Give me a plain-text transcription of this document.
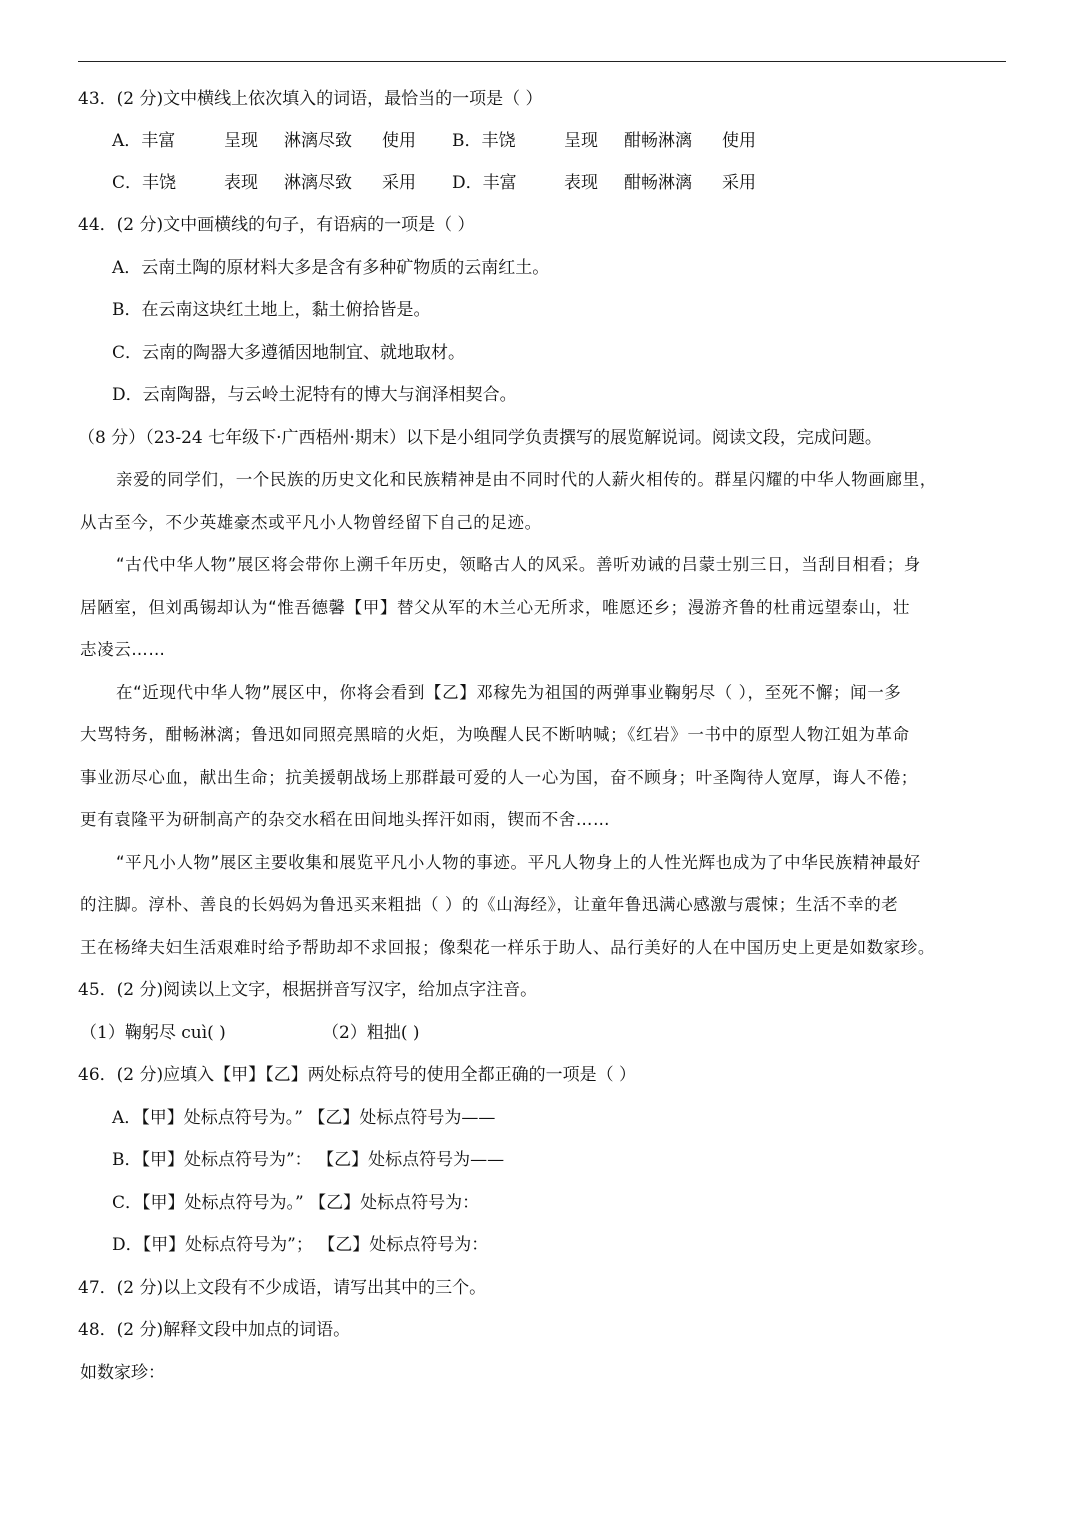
43．(2 分)文中横线上依次填入的词语，最恰当的一项是（ ）
A．丰富	呈现 淋漓尽致 使用 B．丰饶	呈现 酣畅淋漓 使用
C．丰饶	表现 淋漓尽致 采用 D．丰富	表现 酣畅淋漓 采用
44．(2 分)文中画横线的句子，有语病的一项是（ ）
A．云南土陶的原材料大多是含有多种矿物质的云南红土。
B．在云南这块红土地上，黏土俯拾皆是。
C．云南的陶器大多遵循因地制宜、就地取材。
D．云南陶器，与云岭土泥特有的博大与润泽相契合。
（8 分）（23-24 七年级下·广西梧州·期末）以下是小组同学负责撰写的展览解说词。阅读文段，完成问题。
亲爱的同学们，一个民族的历史文化和民族精神是由不同时代的人薪火相传的。群星闪耀的中华人物画廊里，
从古至今，不少英雄豪杰或平凡小人物曾经留下自己的足迹。
“古代中华人物”展区将会带你上溯千年历史，领略古人的风采。善听劝诫的吕蒙士别三日，当刮目相看；身
居陋室，但刘禹锡却认为“惟吾德馨【甲】替父从军的木兰心无所求，唯愿还乡；漫游齐鲁的杜甫远望泰山，壮
志凌云……
在“近现代中华人物”展区中，你将会看到【乙】邓稼先为祖国的两弹事业鞠躬尽（ ），至死不懈；闻一多
大骂特务，酣畅淋漓；鲁迅如同照亮黑暗的火炬，为唤醒人民不断呐喊；《红岩》一书中的原型人物江姐为革命
事业沥尽心血，献出生命；抗美援朝战场上那群最可爱的人一心为国，奋不顾身；叶圣陶待人宽厚，诲人不倦；
更有袁隆平为研制高产的杂交水稻在田间地头挥汗如雨，锲而不舍……
“平凡小人物”展区主要收集和展览平凡小人物的事迹。平凡人物身上的人性光辉也成为了中华民族精神最好
的注脚。淳朴、善良的长妈妈为鲁迅买来粗拙（ ）的《山海经》，让童年鲁迅满心感激与震悚；生活不幸的老
王在杨绛夫妇生活艰难时给予帮助却不求回报；像梨花一样乐于助人、品行美好的人在中国历史上更是如数家珍。
45．(2 分)阅读以上文字，根据拼音写汉字，给加点字注音。
（1）鞠躬尽 cuì( )	（2）粗拙( )
46．(2 分)应填入【甲】【乙】两处标点符号的使用全都正确的一项是（ ）
A．【甲】处标点符号为。” 【乙】处标点符号为——
B．【甲】处标点符号为”： 【乙】处标点符号为——
C．【甲】处标点符号为。” 【乙】处标点符号为：
D．【甲】处标点符号为”； 【乙】处标点符号为：
47．(2 分)以上文段有不少成语，请写出其中的三个。
48．(2 分)解释文段中加点的词语。
如数家珍：
